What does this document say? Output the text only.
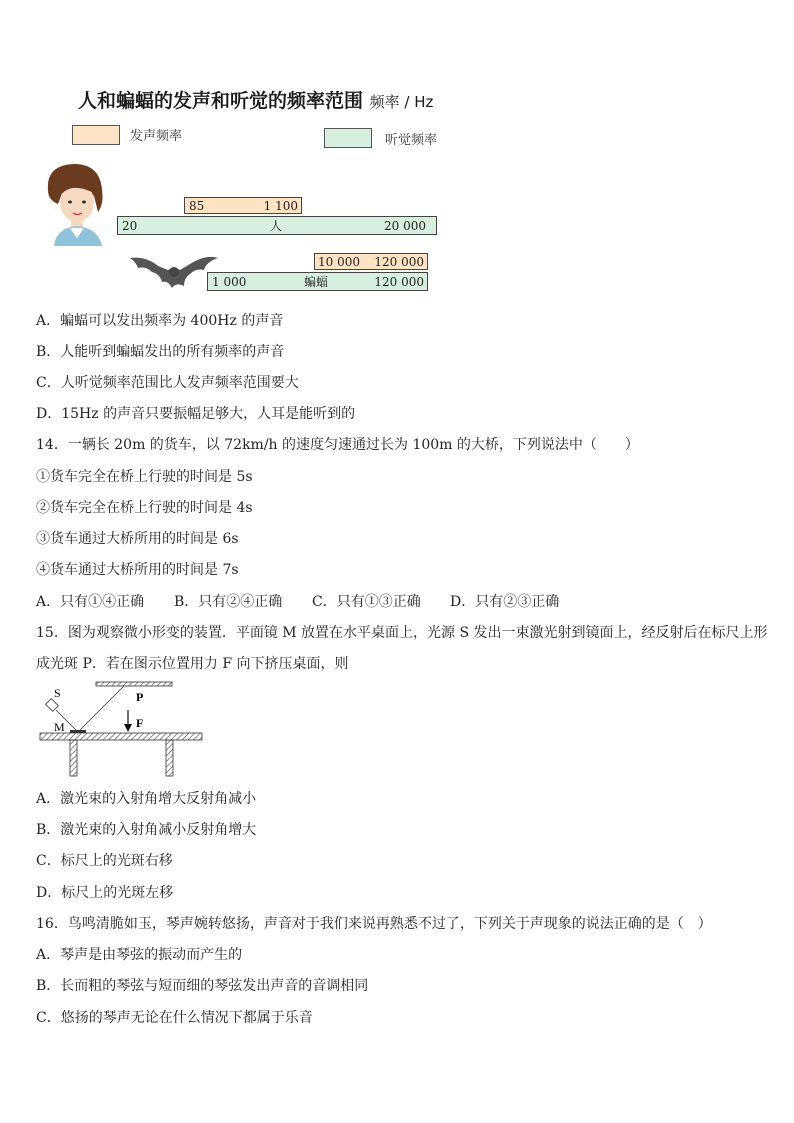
人和蝙蝠的发声和听觉的频率范围 频率 / Hz
发声频率	听觉频率
85	1 100
20	人	20 000
10 000 120 000
1 000	蝙蝠	120 000
A．蝙蝠可以发出频率为 400Hz 的声音
B．人能听到蝙蝠发出的所有频率的声音
C．人听觉频率范围比人发声频率范围要大
D．15Hz 的声音只要振幅足够大，人耳是能听到的
14．一辆长 20m 的货车，以 72km/h 的速度匀速通过长为 100m 的大桥，下列说法中（　　）
①货车完全在桥上行驶的时间是 5s
②货车完全在桥上行驶的时间是 4s
③货车通过大桥所用的时间是 6s
④货车通过大桥所用的时间是 7s
A．只有①④正确 B．只有②④正确 C．只有①③正确 D．只有②③正确
15．图为观察微小形变的装置．平面镜 M 放置在水平桌面上，光源 S 发出一束激光射到镜面上，经反射后在标尺上形
成光斑 P．若在图示位置用力 F 向下挤压桌面，则
S	P
M	F
A．激光束的入射角增大反射角减小
B．激光束的入射角减小反射角增大
C．标尺上的光斑右移
D．标尺上的光斑左移
16．鸟鸣清脆如玉，琴声婉转悠扬，声音对于我们来说再熟悉不过了，下列关于声现象的说法正确的是（　）
A．琴声是由琴弦的振动而产生的
B．长而粗的琴弦与短而细的琴弦发出声音的音调相同
C．悠扬的琴声无论在什么情况下都属于乐音
